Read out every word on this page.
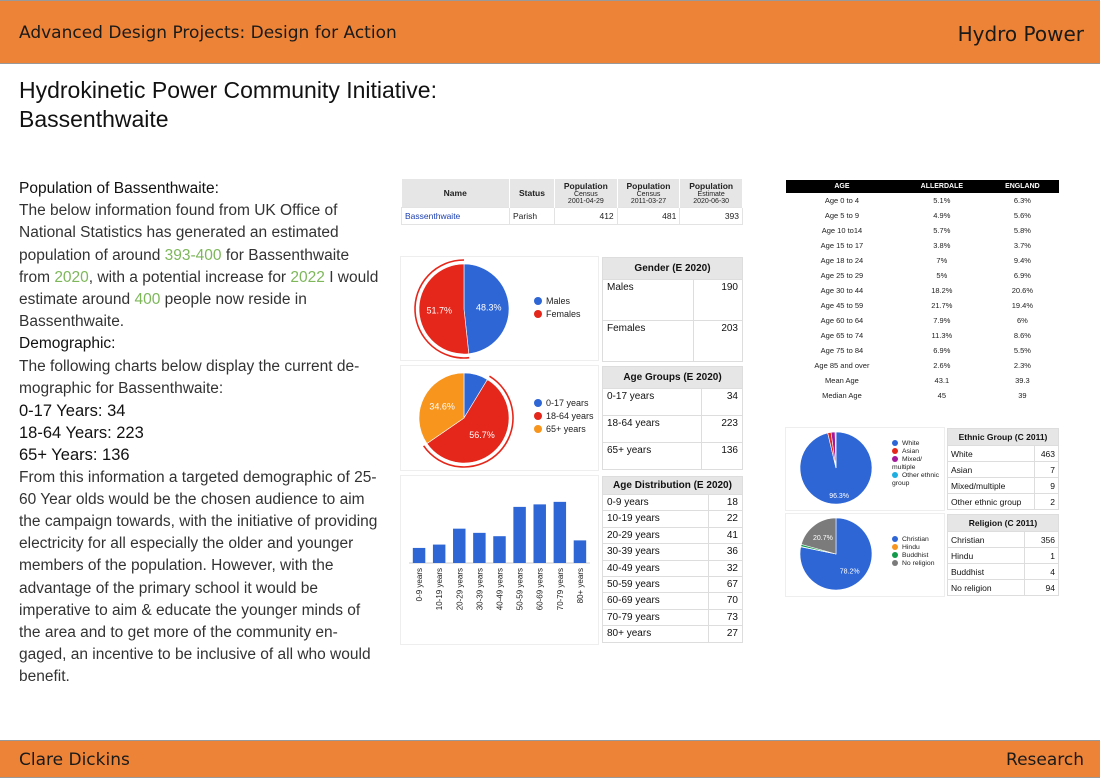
Advanced Design Projects: Design for Action	Hydro Power
Hydrokinetic Power Community Initiative: Bassenthwaite
Population of Bassenthwaite:
The below information found from UK Office of National Statistics has generated an estimated population of around 393-400 for Bassenthwaite from 2020, with a potential increase for 2022 I would estimate around 400 people now reside in Bassenthwaite.
Demographic:
The following charts below display the current demographic for Bassenthwaite:
0-17 Years: 34
18-64 Years: 223
65+ Years: 136
From this information a targeted demographic of 25-60 Year olds would be the chosen audience to aim the campaign towards, with the initiative of providing electricity for all especially the older and younger members of the population. However, with the advantage of the primary school it would be imperative to aim & educate the younger minds of the area and to get more of the community engaged, an incentive to be inclusive of all who would benefit.
Name	Status	Population
Census
2001-04-29	Population
Census
2011-03-27	Population
Estimate
2020-06-30

Bassenthwaite	Parish	412	481	393
48.3%
51.7%
Males
Females
Gender (E 2020)	
Males	190
Females	203
56.7%
34.6%	0-17 years
18-64 years
65+ years
Age Groups (E 2020)	
0-17 years	34
18-64 years	223
65+ years	136
0-9 years 10-19 years 20-29 years 30-39 years 40-49 years 50-59 years 60-69 years 70-79 years 80+ years
Age Distribution (E 2020)	
0-9 years	18
10-19 years	22
20-29 years	41
30-39 years	36
40-49 years	32
50-59 years	67
60-69 years	70
70-79 years	73
80+ years	27
AGE	ALLERDALE	ENGLAND
Age 0 to 4	5.1%	6.3%
Age 5 to 9	4.9%	5.6%
Age 10 to14	5.7%	5.8%
Age 15 to 17	3.8%	3.7%
Age 18 to 24	7%	9.4%
Age 25 to 29	5%	6.9%
Age 30 to 44	18.2%	20.6%
Age 45 to 59	21.7%	19.4%
Age 60 to 64	7.9%	6%
Age 65 to 74	11.3%	8.6%
Age 75 to 84	6.9%	5.5%
Age 85 and over	2.6%	2.3%
Mean Age	43.1	39.3
Median Age	45	39
96.3%
White
Asian
Mixed/ multiple
Other ethnic group
Ethnic Group (C 2011)	
White	463
Asian	7
Mixed/multiple	9
Other ethnic group	2
78.2%
20.7%	Christian
Hindu
Buddhist
No religion
Religion (C 2011)	
Christian	356
Hindu	1
Buddhist	4
No religion	94
Clare Dickins	Research
